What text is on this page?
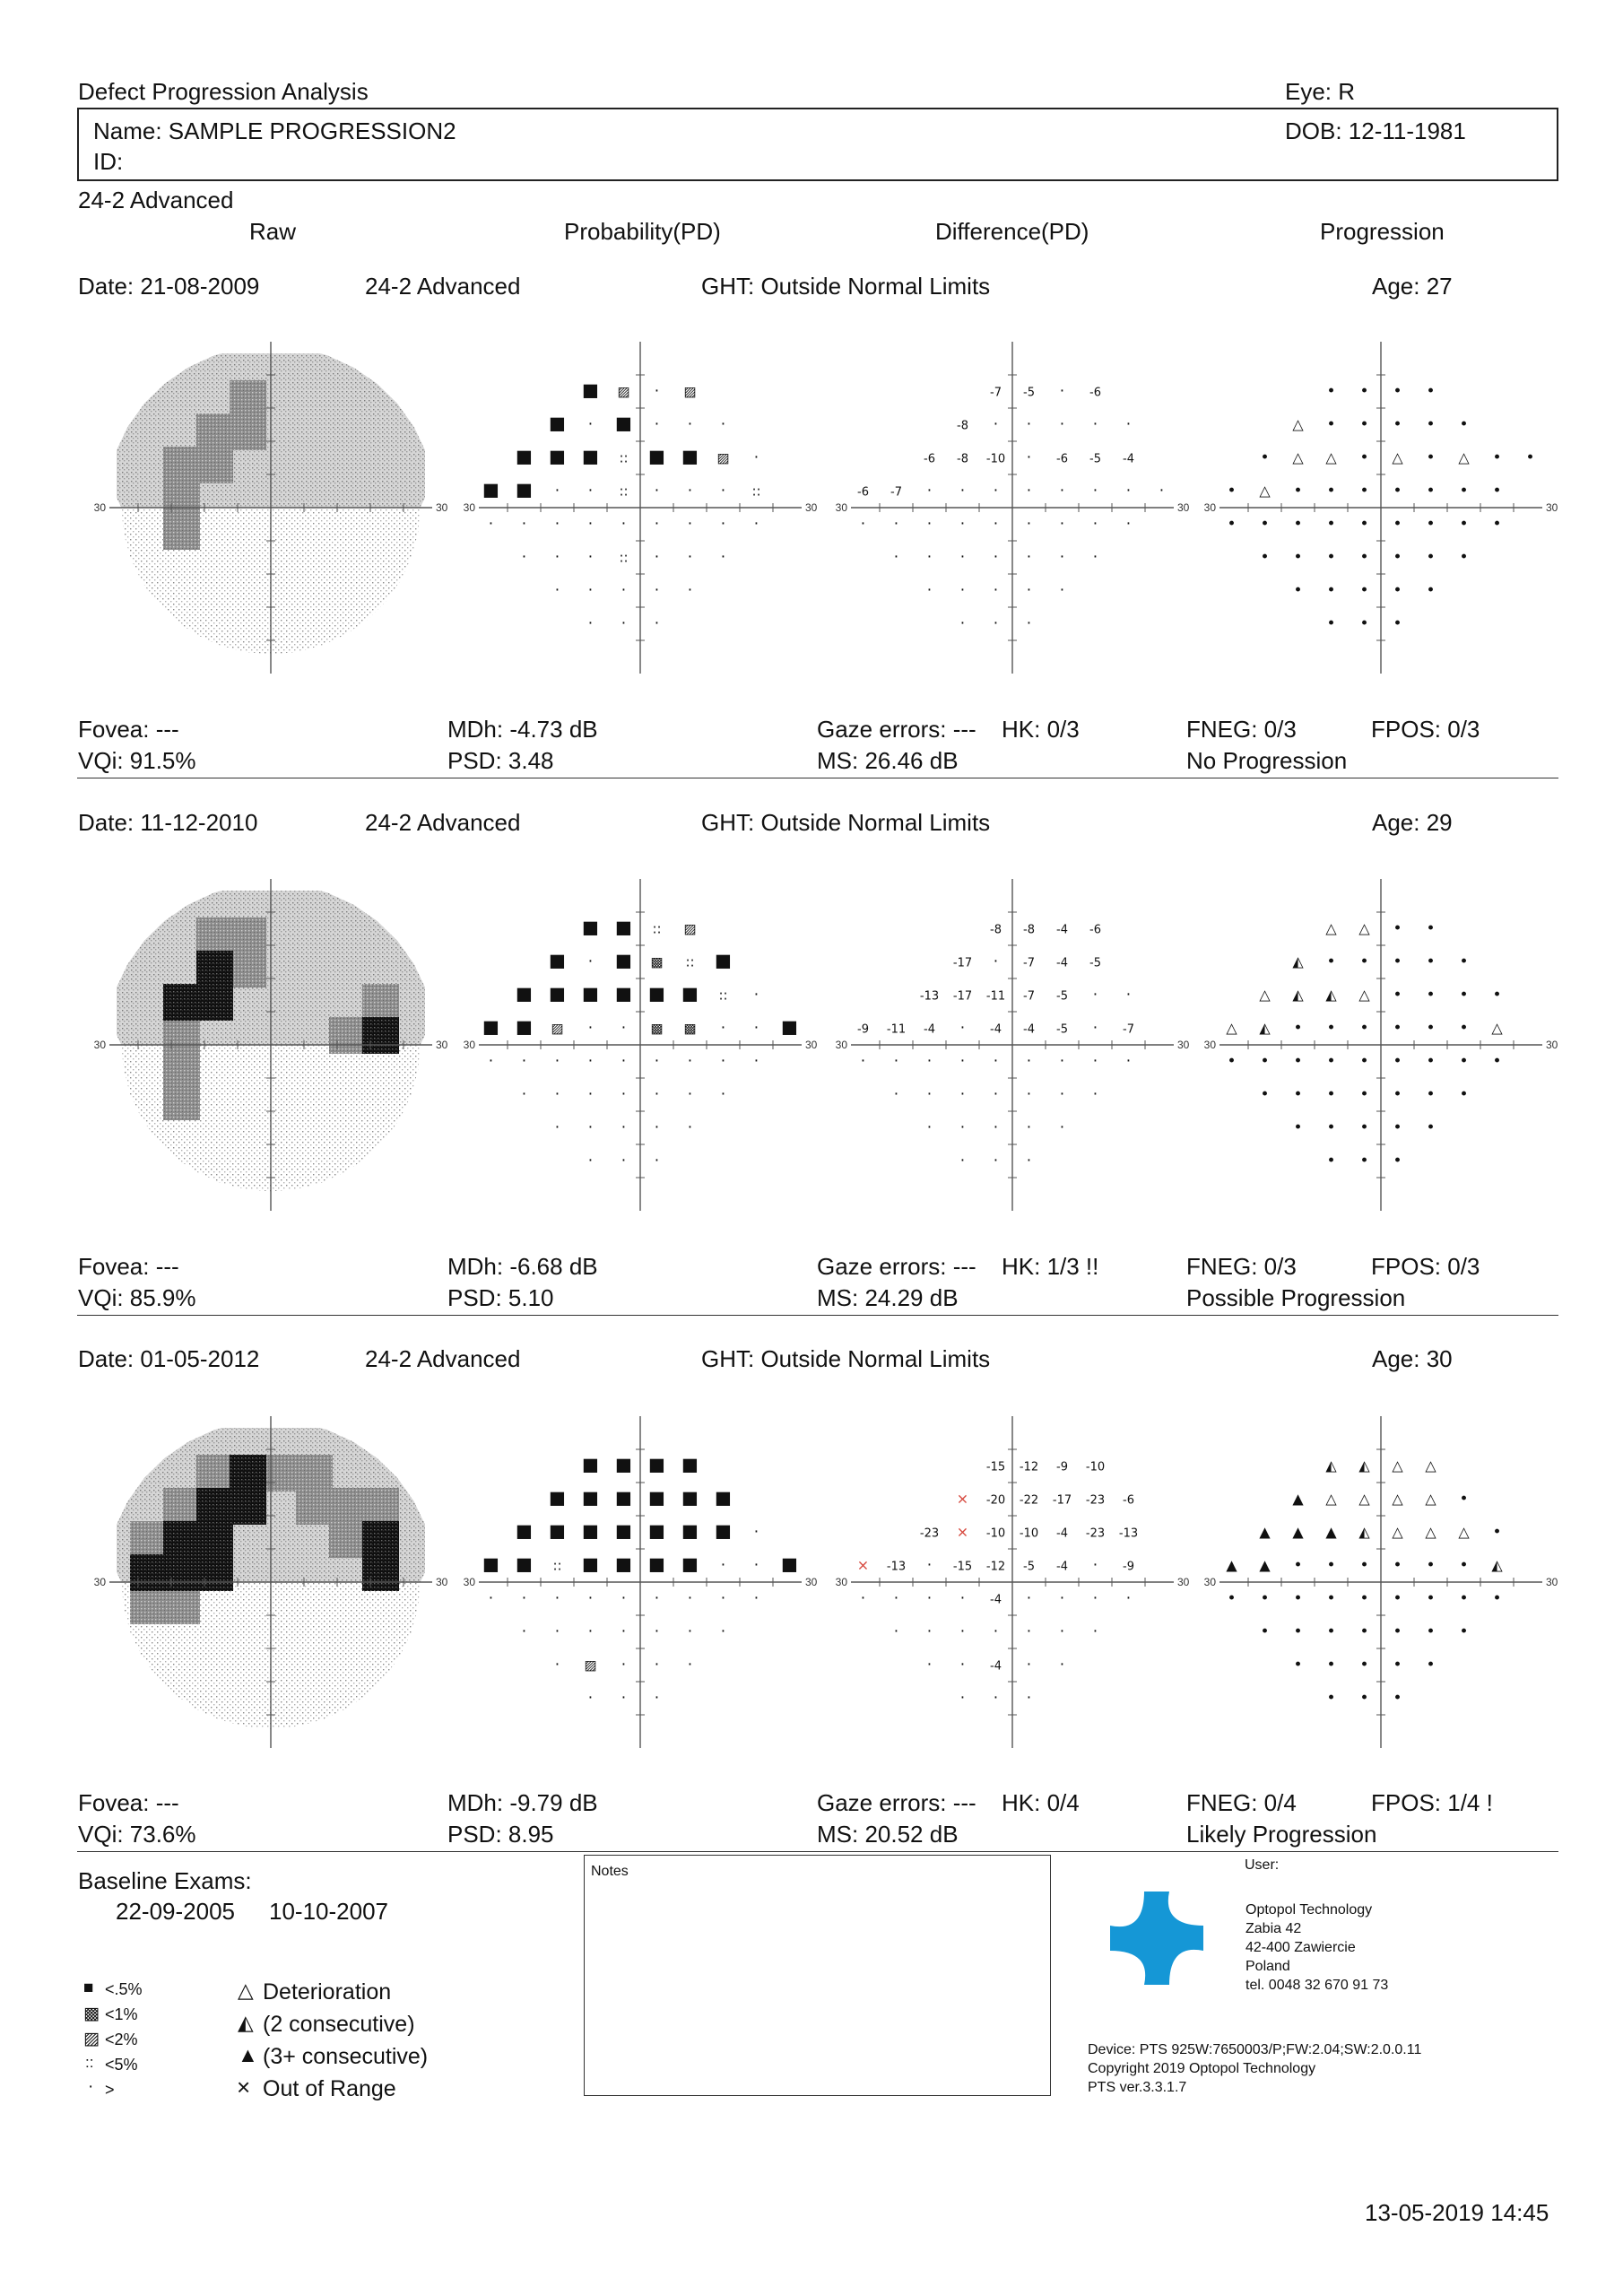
Defect Progression Analysis	Eye: R
Name: SAMPLE PROGRESSION2
ID:
DOB: 12-11-1981
24-2 Advanced
Raw	Probability(PD)	Difference(PD)	Progression
Date: 21-08-2009	24-2 Advanced	GHT: Outside Normal Limits	Age: 27
30	30 30	30
■ ▨ · ▨
■ · ■ · · ·
■ ■ ■ :: ■ ■ ▨ ·
■ ■ · · :: · · · ::
· · · · · · · · ·
· · · :: · · ·
· · · · ·
· · ·
30	30
-7 -5 · -6
-8 · · · · ·
-6 -8 -10 · -6 -5 -4
-6 -7 · · · · · · · ·
· · · · · · · · ·
· · · · · · ·
· · · · ·
· · ·
30	30
• • • •
△ • • • • •
• △ △ • △ • △ • •
• △ • • • • • • •
• • • • • • • • •
• • • • • • •
• • • • •
• • •
Fovea: ---
VQi: 91.5%
MDh: -4.73 dB
PSD: 3.48
Gaze errors: --- HK: 0/3
MS: 26.46 dB
FNEG: 0/3	FPOS: 0/3
No Progression
Date: 11-12-2010	24-2 Advanced	GHT: Outside Normal Limits	Age: 29
30	30 30	30
■ ■ :: ▨
■ · ■ ▩ :: ■
■ ■ ■ ■ ■ ■ :: ·
■ ■ ▨ · · ▩ ▩ · · ■
· · · · · · · · ·
· · · · · · ·
· · · · ·
· · ·
30	30
-8 -8 -4 -6
-17 · -7 -4 -5
-13 -17 -11 -7 -5 · ·
-9 -11 -4 · -4 -4 -5 · -7
· · · · · · · · ·
· · · · · · ·
· · · · ·
· · ·
30	30
△ △ • •
◭ • • • • •
△ ◭ ◭ △ • • • •
△ ◭ • • • • • • △
• • • • • • • • •
• • • • • • •
• • • • •
• • •
Fovea: ---
VQi: 85.9%
MDh: -6.68 dB
PSD: 5.10
Gaze errors: --- HK: 1/3 !!
MS: 24.29 dB
FNEG: 0/3	FPOS: 0/3
Possible Progression
Date: 01-05-2012	24-2 Advanced	GHT: Outside Normal Limits	Age: 30
30	30 30	30
■ ■ ■ ■
■ ■ ■ ■ ■ ■
■ ■ ■ ■ ■ ■ ■ ·
■ ■ :: ■ ■ ■ ■ · · ■
· · · · · · · · ·
· · · · · · ·
· ▨ · · ·
· · ·
30	30
-15 -12 -9 -10
× -20 -22 -17 -23 -6
-23 × -10 -10 -4 -23 -13
× -13 · -15 -12 -5 -4 · -9
· · · · -4 · · · ·
· · · · · · ·
· · -4 · ·
· · ·
30	30
◭ ◭ △ △
▲ △ △ △ △ •
▲ ▲ ▲ ◭ △ △ △ •
▲ ▲ • • • • • • ◭
• • • • • • • • •
• • • • • • •
• • • • •
• • •
Fovea: ---
VQi: 73.6%
MDh: -9.79 dB
PSD: 8.95
Gaze errors: --- HK: 0/4
MS: 20.52 dB
FNEG: 0/4	FPOS: 1/4 !
Likely Progression
Baseline Exams:
22-09-2005 10-10-2007
■ <.5%
▩ <1%
▨ <2%
:: <5%
· >
△ Deterioration
◭ (2 consecutive)
▲ (3+ consecutive)
× Out of Range
Notes	User:
Optopol Technology
Zabia 42
42-400 Zawiercie
Poland
tel. 0048 32 670 91 73
Device: PTS 925W:7650003/P;FW:2.04;SW:2.0.0.11
Copyright 2019 Optopol Technology
PTS ver.3.3.1.7
13-05-2019 14:45
